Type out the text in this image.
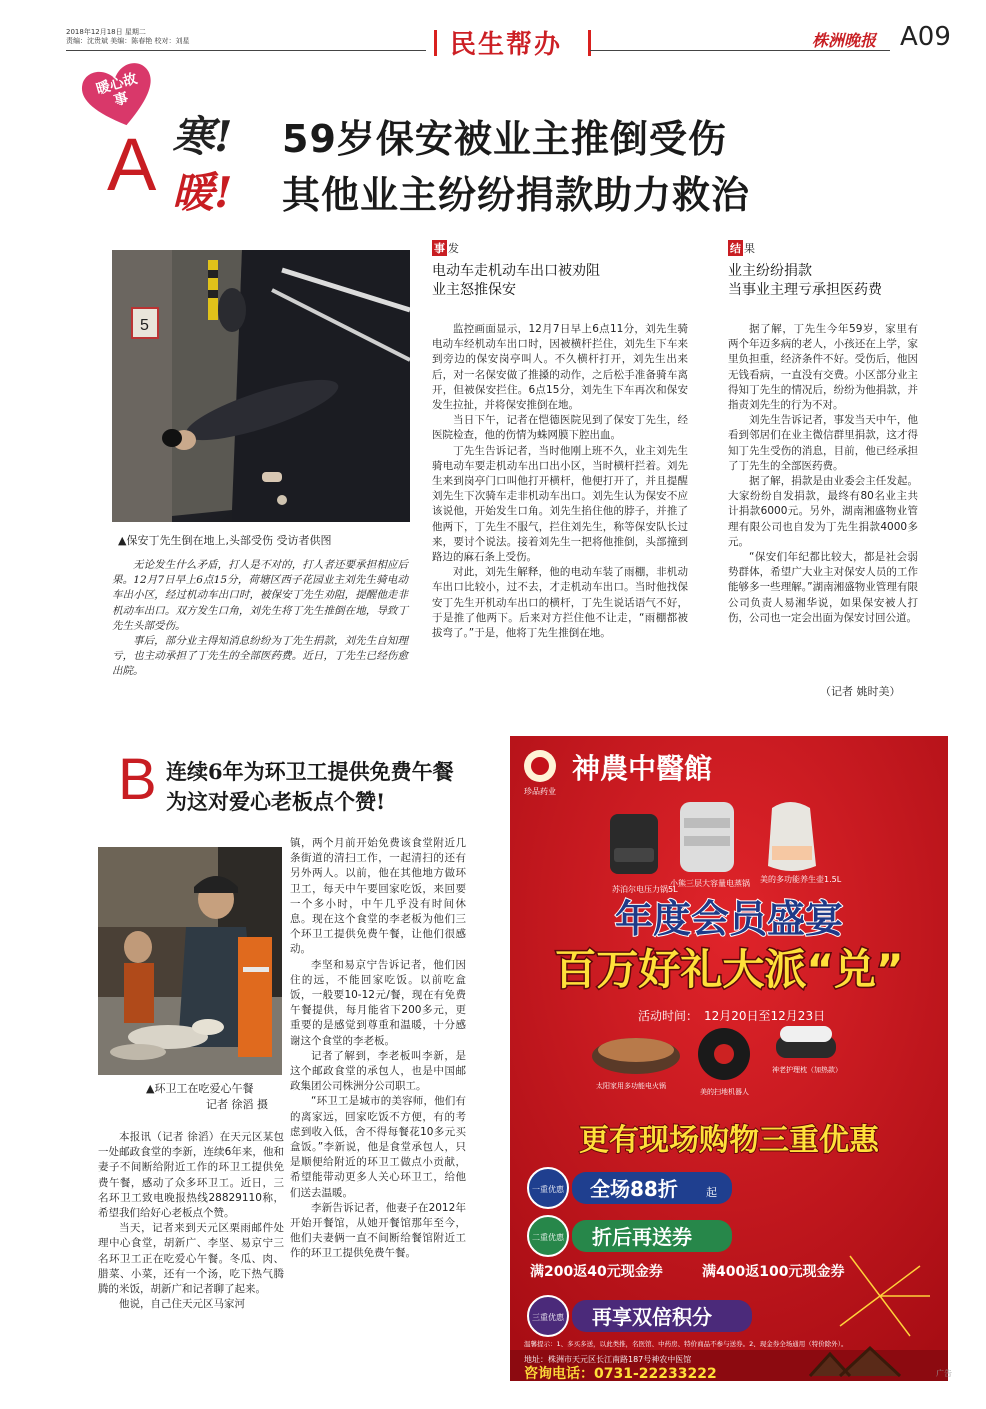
2018年12月18日 星期二
责编：沈贵斌 美编：陈春艳 校对：刘星	民生帮办	株洲晚报 A09
暖心故事
A 寒!
暖!
59岁保安被业主推倒受伤
其他业主纷纷捐款助力救治
5
▲保安丁先生倒在地上,头部受伤 受访者供图

无论发生什么矛盾，打人是不对的，打人者还要承担相应后果。12月7日早上6点15分，荷塘区西子花园业主刘先生骑电动车出小区，经过机动车出口时，被保安丁先生劝阻，提醒他走非机动车出口。双方发生口角，刘先生将丁先生推倒在地，导致丁先生头部受伤。

事后，部分业主得知消息纷纷为丁先生捐款，刘先生自知理亏，也主动承担了丁先生的全部医药费。近日，丁先生已经伤愈出院。

事 发
电动车走机动车出口被劝阻
业主怒推保安

监控画面显示，12月7日早上6点11分，刘先生骑电动车经机动车出口时，因被横杆拦住，刘先生下车来到旁边的保安岗亭叫人。不久横杆打开，刘先生出来后，对一名保安做了推搡的动作，之后松手准备骑车离开，但被保安拦住。6点15分，刘先生下车再次和保安发生拉扯，并将保安推倒在地。

当日下午，记者在恺德医院见到了保安丁先生，经医院检查，他的伤情为蛛网膜下腔出血。

丁先生告诉记者，当时他刚上班不久，业主刘先生骑电动车要走机动车出口出小区，当时横杆拦着。刘先生来到岗亭门口叫他打开横杆，他便打开了，并且提醒刘先生下次骑车走非机动车出口。刘先生认为保安不应该说他，开始发生口角。刘先生掐住他的脖子，并推了他两下，丁先生不服气，拦住刘先生，称等保安队长过来，要讨个说法。接着刘先生一把将他推倒，头部撞到路边的麻石条上受伤。

对此，刘先生解释，他的电动车装了雨棚，非机动车出口比较小，过不去，才走机动车出口。当时他找保安丁先生开机动车出口的横杆，丁先生说话语气不好，于是推了他两下。后来对方拦住他不让走，“雨棚都被拔弯了。”于是，他将丁先生推倒在地。

结 果
业主纷纷捐款
当事业主理亏承担医药费

据了解，丁先生今年59岁，家里有两个年迈多病的老人，小孩还在上学，家里负担重，经济条件不好。受伤后，他因无钱看病，一直没有交费。小区部分业主得知丁先生的情况后，纷纷为他捐款，并指责刘先生的行为不对。

刘先生告诉记者，事发当天中午，他看到邻居们在业主微信群里捐款，这才得知丁先生受伤的消息，目前，他已经承担了丁先生的全部医药费。

据了解，捐款是由业委会主任发起。大家纷纷自发捐款，最终有80名业主共计捐款6000元。另外，湖南湘盛物业管理有限公司也自发为丁先生捐款4000多元。

“保安们年纪都比较大，都是社会弱势群体，希望广大业主对保安人员的工作能够多一些理解。”湖南湘盛物业管理有限公司负责人易湘华说，如果保安被人打伤，公司也一定会出面为保安讨回公道。

（记者 姚时美）
B 连续6年为环卫工提供免费午餐
为这对爱心老板点个赞!
▲环卫工在吃爱心午餐
记者 徐滔 摄

本报讯（记者 徐滔）在天元区某包一处邮政食堂的李新，连续6年来，他和妻子不间断给附近工作的环卫工提供免费午餐，感动了众多环卫工。近日，三名环卫工致电晚报热线28829110称，希望我们给好心老板点个赞。

当天，记者来到天元区栗雨邮件处理中心食堂，胡新广、李坚、易京宁三名环卫工正在吃爱心午餐。冬瓜、肉、腊菜、小菜，还有一个汤，吃下热气腾腾的米饭，胡新广和记者聊了起来。

他说，自己住天元区马家河

镇，两个月前开始免费该食堂附近几条街道的清扫工作，一起清扫的还有另外两人。以前，他在其他地方做环卫工，每天中午要回家吃饭，来回要一个多小时，中午几乎没有时间休息。现在这个食堂的李老板为他们三个环卫工提供免费午餐，让他们很感动。

李坚和易京宁告诉记者，他们因住的远，不能回家吃饭。以前吃盒饭，一般要10-12元/餐，现在有免费午餐提供，每月能省下200多元，更重要的是感觉到尊重和温暖，十分感谢这个食堂的李老板。

记者了解到，李老板叫李新，是这个邮政食堂的承包人，也是中国邮政集团公司株洲分公司职工。

“环卫工是城市的美容师，他们有的离家远，回家吃饭不方便，有的考虑到收入低，舍不得每餐花10多元买盒饭。”李新说，他是食堂承包人，只是顺便给附近的环卫工做点小贡献，希望能带动更多人关心环卫工，给他们送去温暖。

李新告诉记者，他妻子在2012年开始开餐馆，从她开餐馆那年至今，他们夫妻俩一直不间断给餐馆附近工作的环卫工提供免费午餐。

神農中醫館
珍品药业
苏泊尔电压力锅5L
小熊三层大容量电蒸锅 美的多功能养生壶1.5L
年度会员盛宴
百万好礼大派“兑”
活动时间： 12月20日至12月23日
太阳家用多功能电火锅
美的扫地机器人
神老护理枕（加热款）
更有现场购物三重优惠
一重优惠 全场88折	起
二重优惠 折后再送券
满200返40元现金券	满400返100元现金券
三重优惠 再享双倍积分
温馨提示：1、多买多送，以此类推，名医馆、中药房、特价商品不参与送券。2、现金券全场通用（特价除外）。
地址：株洲市天元区长江南路187号神农中医馆
咨询电话：0731-22233222	广告
